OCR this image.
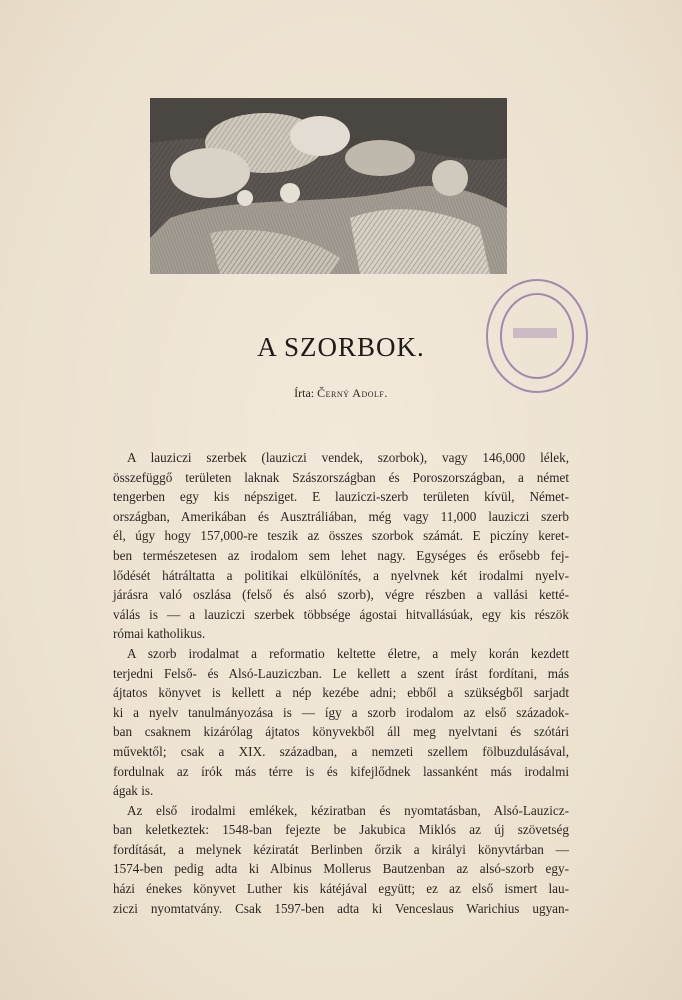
A SZORBOK.
Írta: Černý Adolf.
A lauziczi szerbek (lauziczi vendek, szorbok), vagy 146,000 lélek,
összefüggő területen laknak Szászországban és Poroszországban, a német
tengerben egy kis népsziget. E lauziczi-szerb területen kívül, Német-
országban, Amerikában és Ausztráliában, még vagy 11,000 lauziczi szerb
él, úgy hogy 157,000-re teszik az összes szorbok számát. E piczíny keret-
ben természetesen az irodalom sem lehet nagy. Egységes és erősebb fej-
lődését hátráltatta a politikai elkülönítés, a nyelvnek két irodalmi nyelv-
járásra való oszlása (felső és alsó szorb), végre részben a vallási ketté-
válás is — a lauziczi szerbek többsége ágostai hitvallásúak, egy kis részök
római katholikus.
A szorb irodalmat a reformatio keltette életre, a mely korán kezdett
terjedni Felső- és Alsó-Lauziczban. Le kellett a szent írást fordítani, más
ájtatos könyvet is kellett a nép kezébe adni; ebből a szükségből sarjadt
ki a nyelv tanulmányozása is — így a szorb irodalom az első századok-
ban csaknem kizárólag ájtatos könyvekből áll meg nyelvtani és szótári
művektől; csak a XIX. században, a nemzeti szellem fölbuzdulásával,
fordulnak az írók más térre is és kifejlődnek lassanként más irodalmi
ágak is.
Az első irodalmi emlékek, kéziratban és nyomtatásban, Alsó-Lauzicz-
ban keletkeztek: 1548-ban fejezte be Jakubica Miklós az új szövetség
fordítását, a melynek kéziratát Berlinben őrzik a királyi könyvtárban —
1574-ben pedig adta ki Albinus Mollerus Bautzenban az alsó-szorb egy-
házi énekes könyvet Luther kis kátéjával együtt; ez az első ismert lau-
ziczi nyomtatvány. Csak 1597-ben adta ki Venceslaus Warichius ugyan-
